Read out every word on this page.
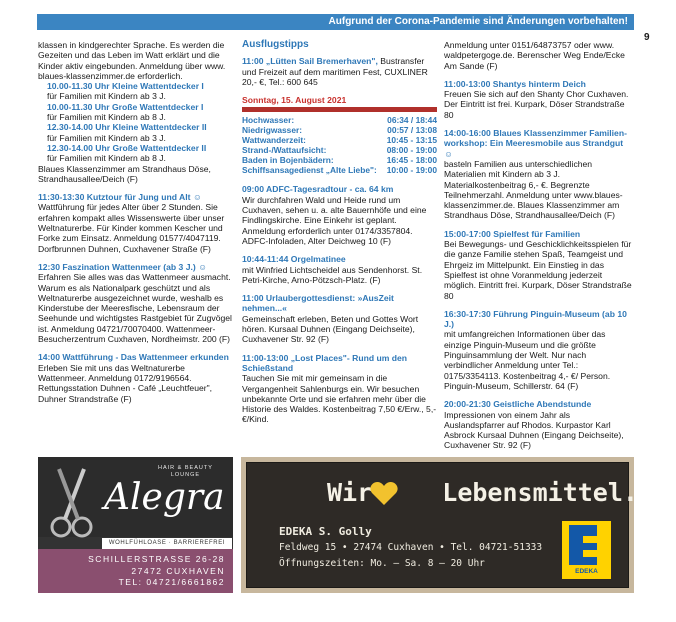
Aufgrund der Corona-Pandemie sind Änderungen vorbehalten!
9

klassen in kindgerechter Sprache. Es werden die Gezeiten und das Leben im Watt erklärt und die Kinder aktiv eingebunden. Anmeldung über www. blaues-klassenzimmer.de erforderlich.
10.00-11.30 Uhr Kleine Wattentdecker I
für Familien mit Kindern ab 3 J.
10.00-11.30 Uhr Große Wattentdecker I
für Familien mit Kindern ab 8 J.
12.30-14.00 Uhr Kleine Wattentdecker II
für Familien mit Kindern ab 3 J.
12.30-14.00 Uhr Große Wattentdecker II
für Familien mit Kindern ab 8 J.
Blaues Klassenzimmer am Strandhaus Döse, Strandhausallee/Deich (F)

11:30-13:30 Kutztour für Jung und Alt ☺
Wattführung für jedes Alter über 2 Stunden. Sie erfahren kompakt alles Wissenswerte über unser Weltnaturerbe. Für Kinder kommen Kescher und Forke zum Einsatz. Anmeldung 01577/4047119. Dorfbrunnen Duhnen, Cuxhavener Straße (F)

12:30 Faszination Wattenmeer (ab 3 J.) ☺
Erfahren Sie alles was das Wattenmeer ausmacht. Warum es als Nationalpark geschützt und als Weltnaturerbe ausgezeichnet wurde, weshalb es Kinderstube der Meeresfische, Lebensraum der Seehunde und wichtigstes Rastgebiet für Zugvögel ist. Anmeldung 04721/70070400. Wattenmeer-Besucherzentrum Cuxhaven, Nordheimstr. 200 (F)

14:00 Wattführung - Das Wattenmeer erkunden
Erleben Sie mit uns das Weltnaturerbe Wattenmeer. Anmeldung 0172/9196564. Rettungsstation Duhnen - Café „Leuchtfeuer", Duhner Strandstraße (F)

Ausflugstipps

11:00 „Lütten Sail Bremerhaven", Bustransfer und Freizeit auf dem maritimen Fest, CUXLINER 20,- €, Tel.: 600 645

Sonntag, 15. August 2021
Hochwasser:	06:34 / 18:44
Niedrigwasser:	00:57 / 13:08
Wattwanderzeit:	10:45 - 13:15
Strand-/Wattaufsicht:	08:00 - 19:00
Baden in Bojenbädern:	16:45 - 18:00
Schiffsansagedienst „Alte Liebe":	10:00 - 19:00

09:00 ADFC-Tagesradtour - ca. 64 km
Wir durchfahren Wald und Heide rund um Cuxhaven, sehen u. a. alte Bauernhöfe und eine Findlingskirche. Eine Einkehr ist geplant. Anmeldung erforderlich unter 0174/3357804. ADFC-Infoladen, Alter Deichweg 10 (F)

10:44-11:44 Orgelmatinee
mit Winfried Lichtscheidel aus Sendenhorst. St. Petri-Kirche, Arno-Pötzsch-Platz. (F)

11:00 Urlaubergottesdienst: »AusZeit nehmen...«
Gemeinschaft erleben, Beten und Gottes Wort hören. Kursaal Duhnen (Eingang Deichseite), Cuxhavener Str. 92 (F)

11:00-13:00 „Lost Places"- Rund um den Schießstand
Tauchen Sie mit mir gemeinsam in die Vergangenheit Sahlenburgs ein. Wir besuchen unbekannte Orte und sie erfahren mehr über die Historie des Waldes. Kostenbeitrag 7,50 €/Erw., 5,- €/Kind.

Anmeldung unter 0151/64873757 oder www. waldpetergoge.de. Berenscher Weg Ende/Ecke Am Sande (F)

11:00-13:00 Shantys hinterm Deich
Freuen Sie sich auf den Shanty Chor Cuxhaven. Der Eintritt ist frei. Kurpark, Döser Strandstraße 80

14:00-16:00 Blaues Klassenzimmer Familien-workshop: Ein Meeresmobile aus Strandgut ☺
basteln Familien aus unterschiedlichen Materialien mit Kindern ab 3 J. Materialkostenbeitrag 6,- €. Begrenzte Teilnehmerzahl. Anmeldung unter www.blaues-klassenzimmer.de. Blaues Klassenzimmer am Strandhaus Döse, Strandhausallee/Deich (F)

15:00-17:00 Spielfest für Familien
Bei Bewegungs- und Geschicklichkeitsspielen für die ganze Familie stehen Spaß, Teamgeist und Ehrgeiz im Mittelpunkt. Ein Einstieg in das Spielfest ist ohne Voranmeldung jederzeit möglich. Eintritt frei. Kurpark, Döser Strandstraße 80

16:30-17:30 Führung Pinguin-Museum (ab 10 J.)
mit umfangreichen Informationen über das einzige Pinguin-Museum und die größte Pinguinsammlung der Welt. Nur nach verbindlicher Anmeldung unter Tel.: 0175/3354113. Kostenbeitrag 4,- €/ Person. Pinguin-Museum, Schillerstr. 64 (F)

20:00-21:30 Geistliche Abendstunde
Impressionen von einem Jahr als Auslandspfarrer auf Rhodos. Kurpastor Karl Asbrock Kursaal Duhnen (Eingang Deichseite), Cuxhavener Str. 92 (F)

HAIR & BEAUTY
LOUNGE
Alegra
WOHLFÜHLOASE · BARRIEREFREI
SCHILLERSTRASSE 26-28
27472 CUXHAVEN
TEL: 04721/6661862
Wir	Lebensmittel.
EDEKA S. Golly
Feldweg 15 • 27474 Cuxhaven • Tel. 04721-51333
Öffnungszeiten: Mo. – Sa. 8 – 20 Uhr
EDEKA
